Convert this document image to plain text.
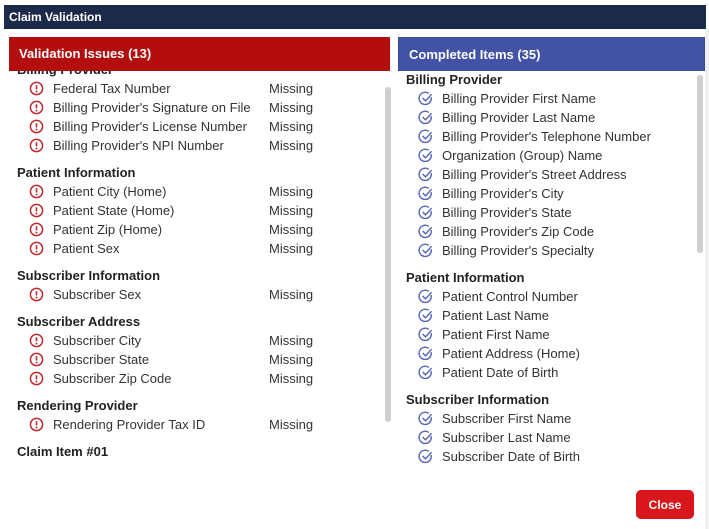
Claim Validation
Federal Tax Number	Missing
Billing Provider's Signature on File	Missing
Billing Provider's License Number	Missing
Billing Provider's NPI Number	Missing
Patient Information
Patient City (Home)	Missing
Patient State (Home)	Missing
Patient Zip (Home)	Missing
Patient Sex	Missing
Subscriber Information
Subscriber Sex	Missing
Subscriber Address
Subscriber City	Missing
Subscriber State	Missing
Subscriber Zip Code	Missing
Rendering Provider
Rendering Provider Tax ID	Missing
Claim Item #01
Validation Issues (13)	Completed Items (35)
Billing Provider
Billing Provider First Name
Billing Provider Last Name
Billing Provider's Telephone Number
Organization (Group) Name
Billing Provider's Street Address
Billing Provider's City
Billing Provider's State
Billing Provider's Zip Code
Billing Provider's Specialty
Patient Information
Patient Control Number
Patient Last Name
Patient First Name
Patient Address (Home)
Patient Date of Birth
Subscriber Information
Subscriber First Name
Subscriber Last Name
Subscriber Date of Birth
Close
